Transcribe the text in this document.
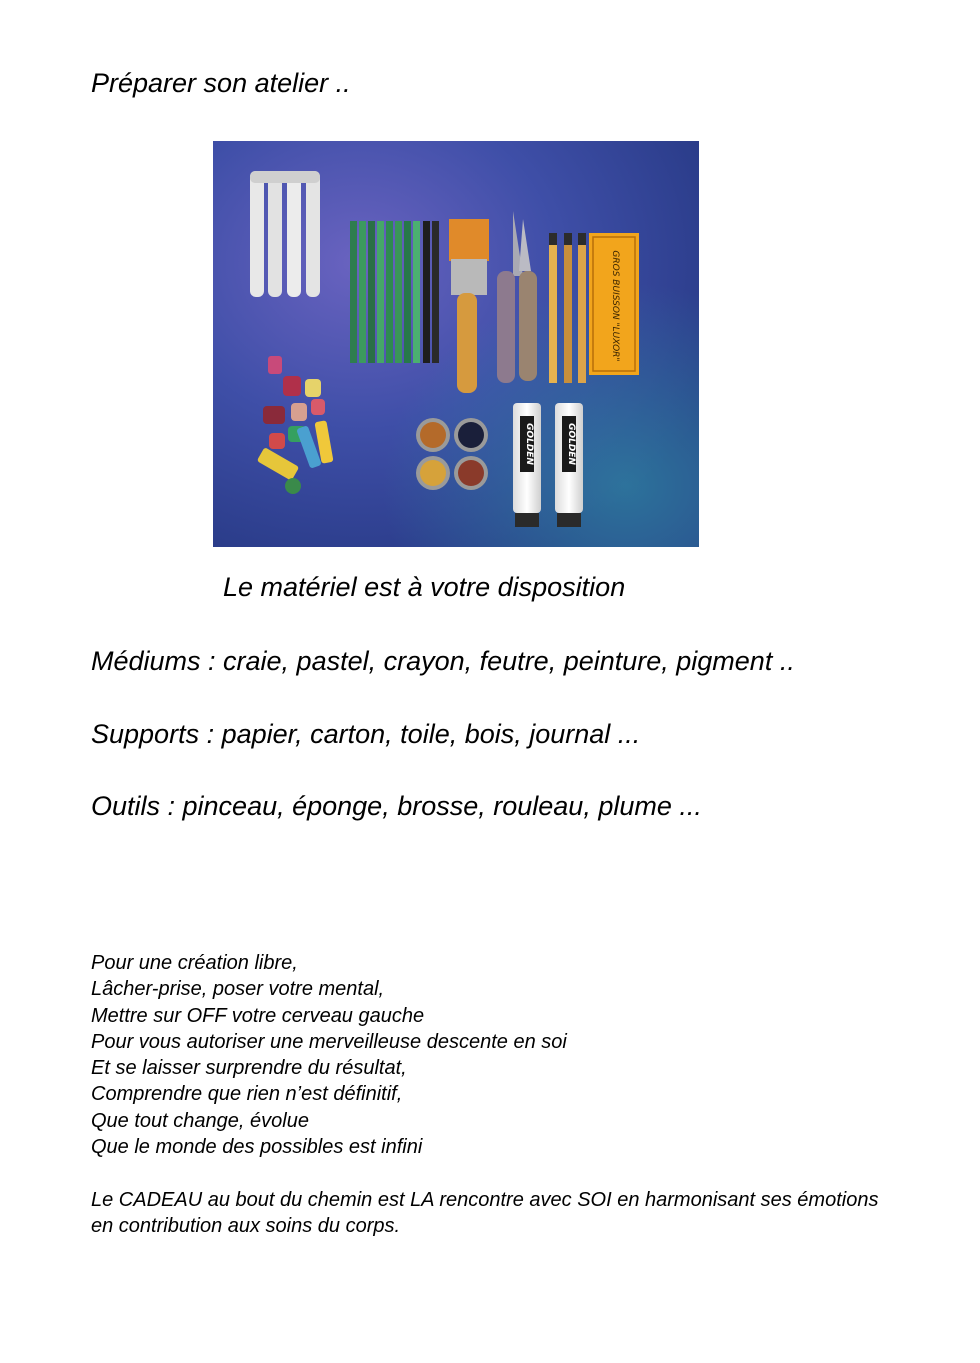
Préparer son atelier ..
GROS BUISSON "LUXOR"
GOLDEN	GOLDEN

Le matériel est à votre disposition

Médiums : craie, pastel, crayon, feutre, peinture, pigment ..

Supports : papier, carton, toile, bois, journal ...

Outils : pinceau, éponge, brosse, rouleau, plume ...

Pour une création libre,
Lâcher-prise, poser votre mental,
Mettre sur OFF votre cerveau gauche
Pour vous autoriser une merveilleuse descente en soi
Et se laisser surprendre du résultat,
Comprendre que rien n’est définitif,
Que tout change, évolue
Que le monde des possibles est infini

Le CADEAU au bout du chemin est LA rencontre avec SOI en harmonisant ses émotions en contribution aux soins du corps.
